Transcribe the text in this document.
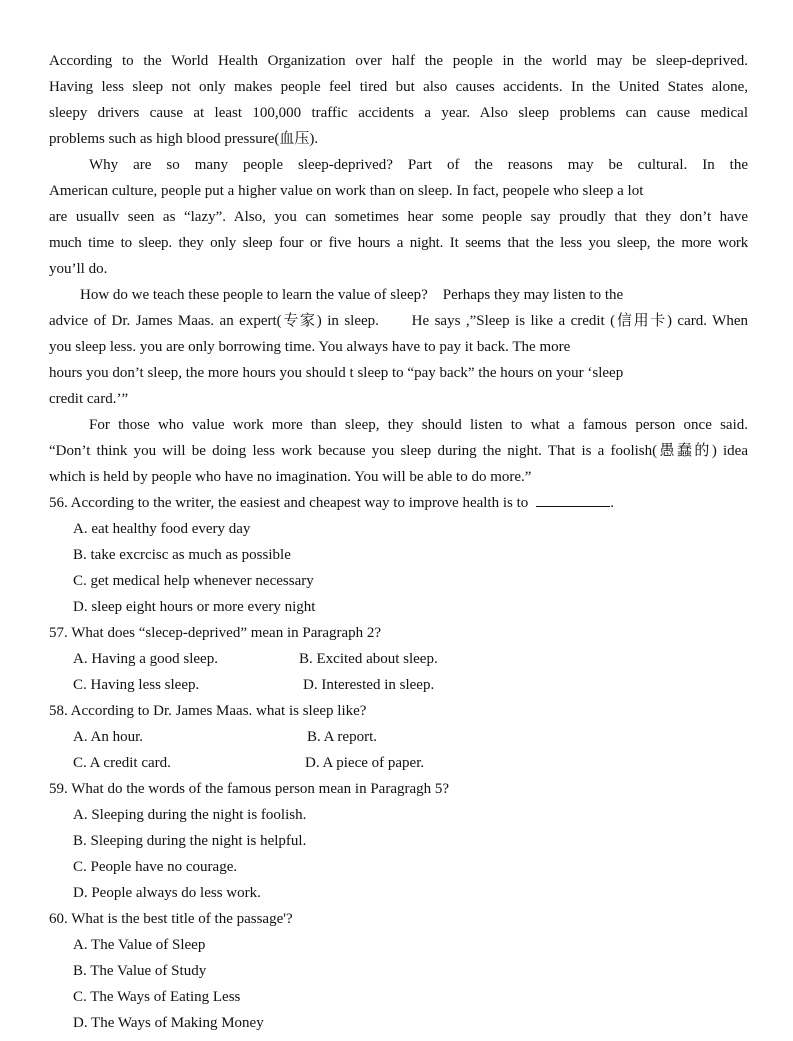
According to the World Health Organization over half the people in the world may be sleep-deprived.
Having less sleep not only makes people feel tired but also causes accidents. In the United States alone,
sleepy drivers cause at least 100,000 traffic accidents a year. Also sleep problems can cause medical
problems such as high blood pressure(血压).
Why are so many people sleep-deprived? Part of the reasons may be cultural. In the
American culture, people put a higher value on work than on sleep. In fact, peopele who sleep a lot
are usuallv seen as “lazy”. Also, you can sometimes hear some people say proudly that they don’t have
much time to sleep. they only sleep four or five hours a night. It seems that the less you sleep, the more work
you’ll do.
How do we teach these people to learn the value of sleep?    Perhaps they may listen to the
advice of Dr. James Maas. an expert(专家) in sleep.      He says ,”Sleep is like a credit (信用卡) card. When
you sleep less. you are only borrowing time. You always have to pay it back. The more
hours you don’t sleep, the more hours you should t sleep to “pay back” the hours on your ‘sleep
credit card.’”
For those who value work more than sleep, they should listen to what a famous person once said.
“Don’t think you will be doing less work because you sleep during the night. That is a foolish(愚蠢的) idea
which is held by people who have no imagination. You will be able to do more.”
56. According to the writer, the easiest and cheapest way to improve health is to	.
A. eat healthy food every day
B. take excrcisc as much as possible
C. get medical help whenever necessary
D. sleep eight hours or more every night
57. What does “slecep-deprived” mean in Paragraph 2?
A. Having a good sleep.	B. Excited about sleep.
C. Having less sleep.	D. Interested in sleep.
58. According to Dr. James Maas. what is sleep like?
A. An hour.	B. A report.
C. A credit card.	D. A piece of paper.
59. What do the words of the famous person mean in Paragragh 5?
A. Sleeping during the night is foolish.
B. Sleeping during the night is helpful.
C. People have no courage.
D. People always do less work.
60. What is the best title of the passage'?
A. The Value of Sleep
B. The Value of Study
C. The Ways of Eating Less
D. The Ways of Making Money
